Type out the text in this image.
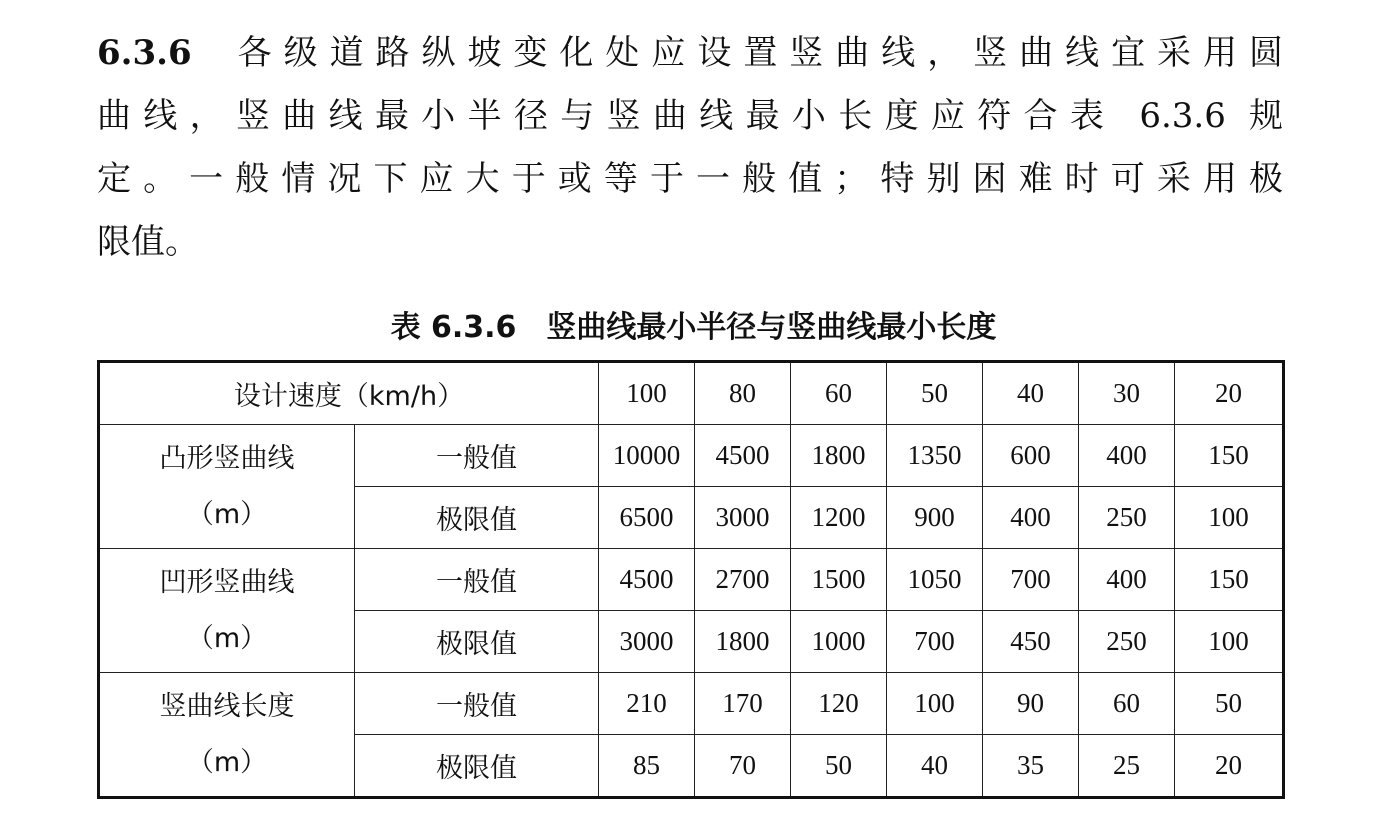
6.3.6 各级道路纵坡变化处应设置竖曲线，竖曲线宜采用圆
曲线，竖曲线最小半径与竖曲线最小长度应符合表 6.3.6 规
定。一般情况下应大于或等于一般值；特别困难时可采用极
限值。
表 6.3.6 竖曲线最小半径与竖曲线最小长度
设计速度（km/h）		100	80	60	50	40	30	20

凸形竖曲线
（m）	一般值	10000	4500	1800	1350	600	400	150
	极限值	6500	3000	1200	900	400	250	100

凹形竖曲线
（m）	一般值	4500	2700	1500	1050	700	400	150
	极限值	3000	1800	1000	700	450	250	100

竖曲线长度
（m）	一般值	210	170	120	100	90	60	50
	极限值	85	70	50	40	35	25	20
